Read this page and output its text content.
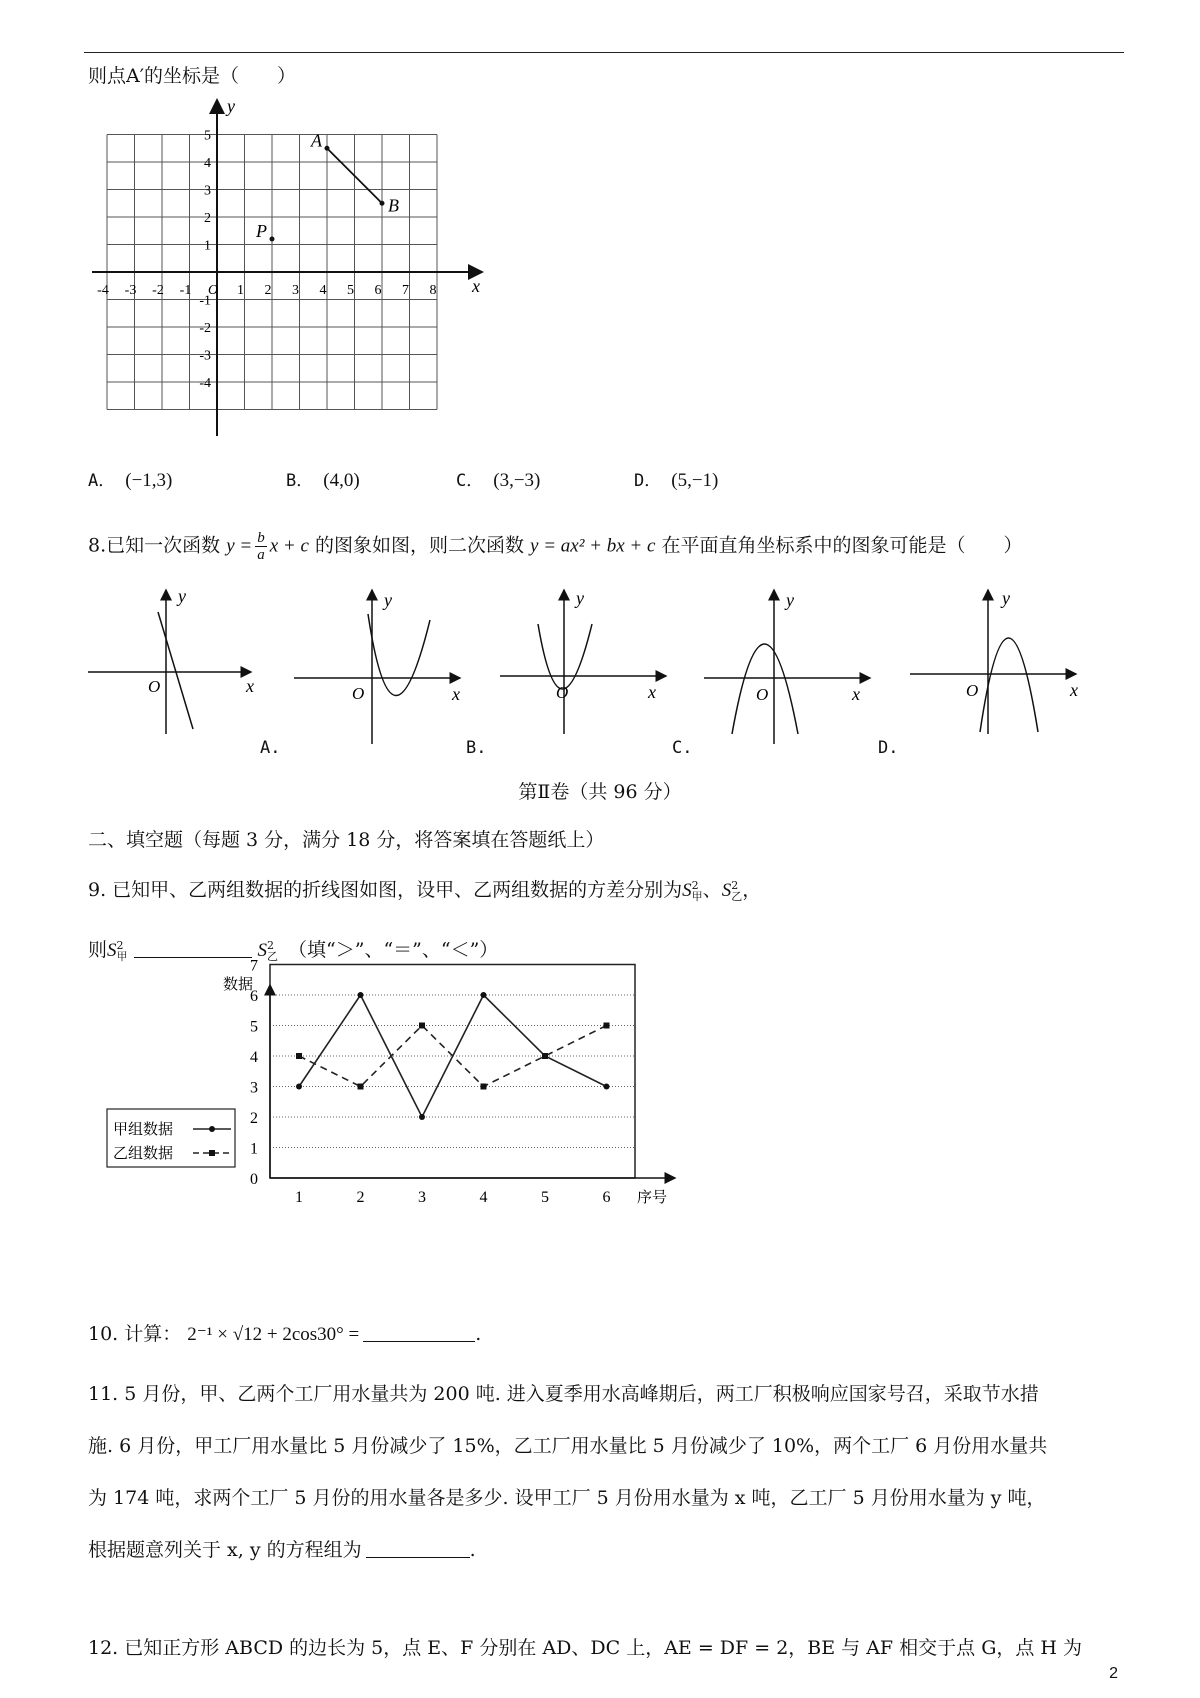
则点A′的坐标是（　　）
-4 -3 -2 -1 O 1 2 3 4 5 6 7 8
5
4
3
2
1
-1
-2
-3
-4
x
y
A
B
P
A． (−1,3)	B． (4,0)	C． (3,−3)	D． (5,−1)
8.已知一次函数 $y = \frac{b}{a}$ x + c 的图象如图，则二次函数 y = ax² + bx + c 在平面直角坐标系中的图象可能是（　　）
O	x
y
O	x
y
O	x
y
O	x
y
O	x
y
A.	B.	C.	D.
第Ⅱ卷（共 96 分）
二、填空题（每题 3 分，满分 18 分，将答案填在答题纸上）
9. 已知甲、乙两组数据的折线图如图，设甲、乙两组数据的方差分别为S 2
甲 、S 2
乙 ，
则S 2
甲	S 2
乙 （填“＞”、“＝”、“＜”）
0
1
2
3
4
5
6
7
1	2	3	4	5	6
数据
序号
甲组数据
乙组数据
10. 计算： 2⁻¹ × √12 + 2cos30° =	.
11. 5 月份，甲、乙两个工厂用水量共为 200 吨. 进入夏季用水高峰期后，两工厂积极响应国家号召，采取节水措
施. 6 月份，甲工厂用水量比 5 月份减少了 15%，乙工厂用水量比 5 月份减少了 10%，两个工厂 6 月份用水量共
为 174 吨，求两个工厂 5 月份的用水量各是多少. 设甲工厂 5 月份用水量为 x 吨，乙工厂 5 月份用水量为 y 吨，
根据题意列关于 x, y 的方程组为	.
12. 已知正方形 ABCD 的边长为 5，点 E、F 分别在 AD、DC 上，AE = DF = 2，BE 与 AF 相交于点 G，点 H 为
2
